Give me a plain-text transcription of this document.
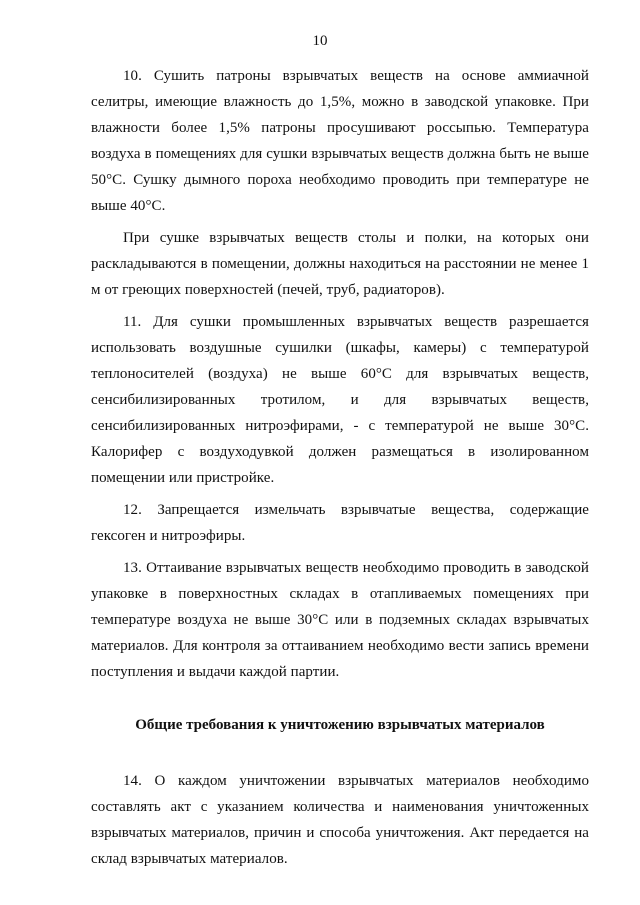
10

10. Сушить патроны взрывчатых веществ на основе аммиачной селитры, имеющие влажность до 1,5%, можно в заводской упаковке. При влажности более 1,5% патроны просушивают россыпью. Температура воздуха в помещениях для сушки взрывчатых веществ должна быть не выше 50°С. Сушку дымного пороха необходимо проводить при температуре не выше 40°С.

При сушке взрывчатых веществ столы и полки, на которых они раскладываются в помещении, должны находиться на расстоянии не менее 1 м от греющих поверхностей (печей, труб, радиаторов).

11. Для сушки промышленных взрывчатых веществ разрешается использовать воздушные сушилки (шкафы, камеры) с температурой теплоносителей (воздуха) не выше 60°С для взрывчатых веществ, сенсибилизированных тротилом, и для взрывчатых веществ, сенсибилизированных нитроэфирами, - с температурой не выше 30°С. Калорифер с воздуходувкой должен размещаться в изолированном помещении или пристройке.

12. Запрещается измельчать взрывчатые вещества, содержащие гексоген и нитроэфиры.

13. Оттаивание взрывчатых веществ необходимо проводить в заводской упаковке в поверхностных складах в отапливаемых помещениях при температуре воздуха не выше 30°С или в подземных складах взрывчатых материалов. Для контроля за оттаиванием необходимо вести запись времени поступления и выдачи каждой партии.

Общие требования к уничтожению взрывчатых материалов

14. О каждом уничтожении взрывчатых материалов необходимо составлять акт с указанием количества и наименования уничтоженных взрывчатых материалов, причин и способа уничтожения. Акт передается на склад взрывчатых материалов.
